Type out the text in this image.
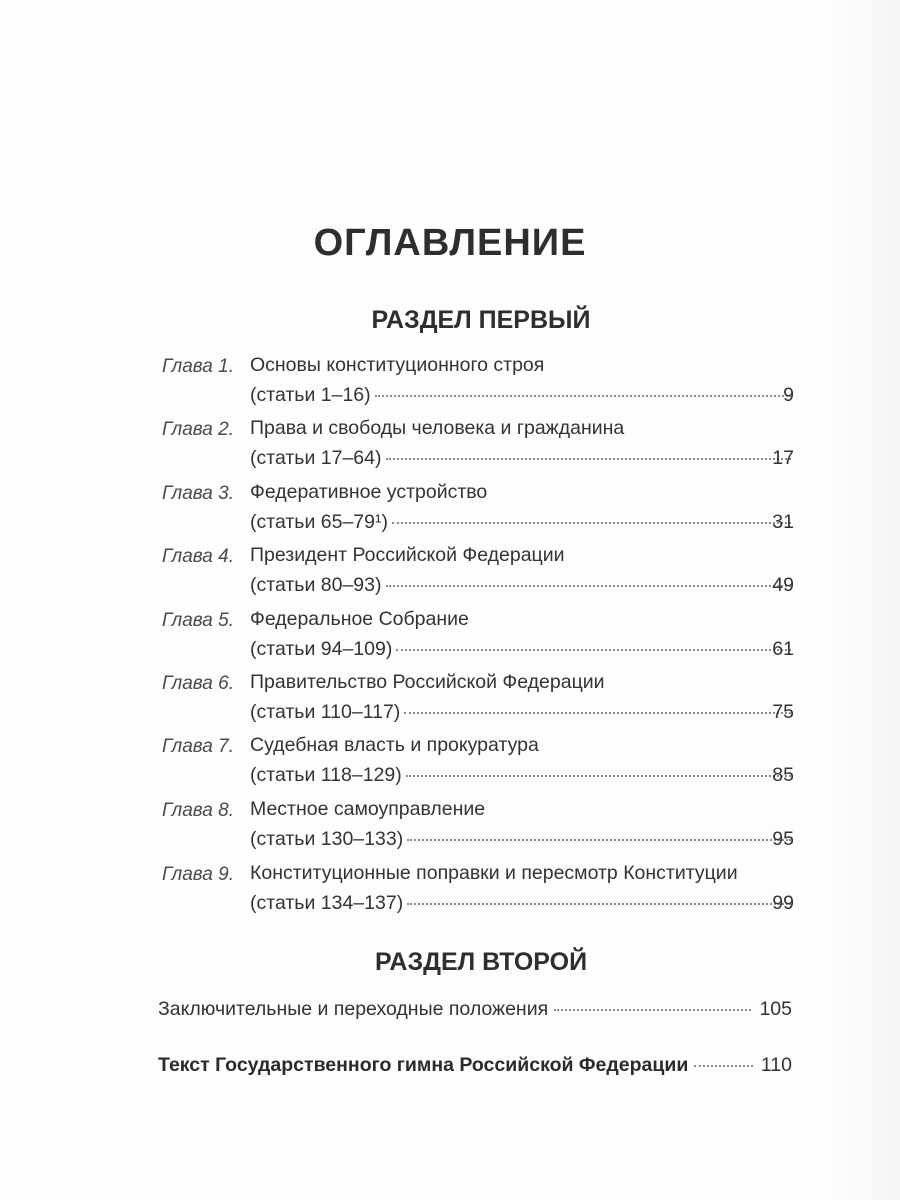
ОГЛАВЛЕНИЕ
РАЗДЕЛ ПЕРВЫЙ
Глава 1. Основы конституционного строя
(статьи 1–16)	9
Глава 2. Права и свободы человека и гражданина
(статьи 17–64)	17
Глава 3. Федеративное устройство
(статьи 65–79¹)	31
Глава 4. Президент Российской Федерации
(статьи 80–93)	49
Глава 5. Федеральное Собрание
(статьи 94–109)	61
Глава 6. Правительство Российской Федерации
(статьи 110–117)	75
Глава 7. Судебная власть и прокуратура
(статьи 118–129)	85
Глава 8. Местное самоуправление
(статьи 130–133)	95
Глава 9. Конституционные поправки и пересмотр Конституции
(статьи 134–137)	99
РАЗДЕЛ ВТОРОЙ
Заключительные и переходные положения	105
Текст Государственного гимна Российской Федерации	110
